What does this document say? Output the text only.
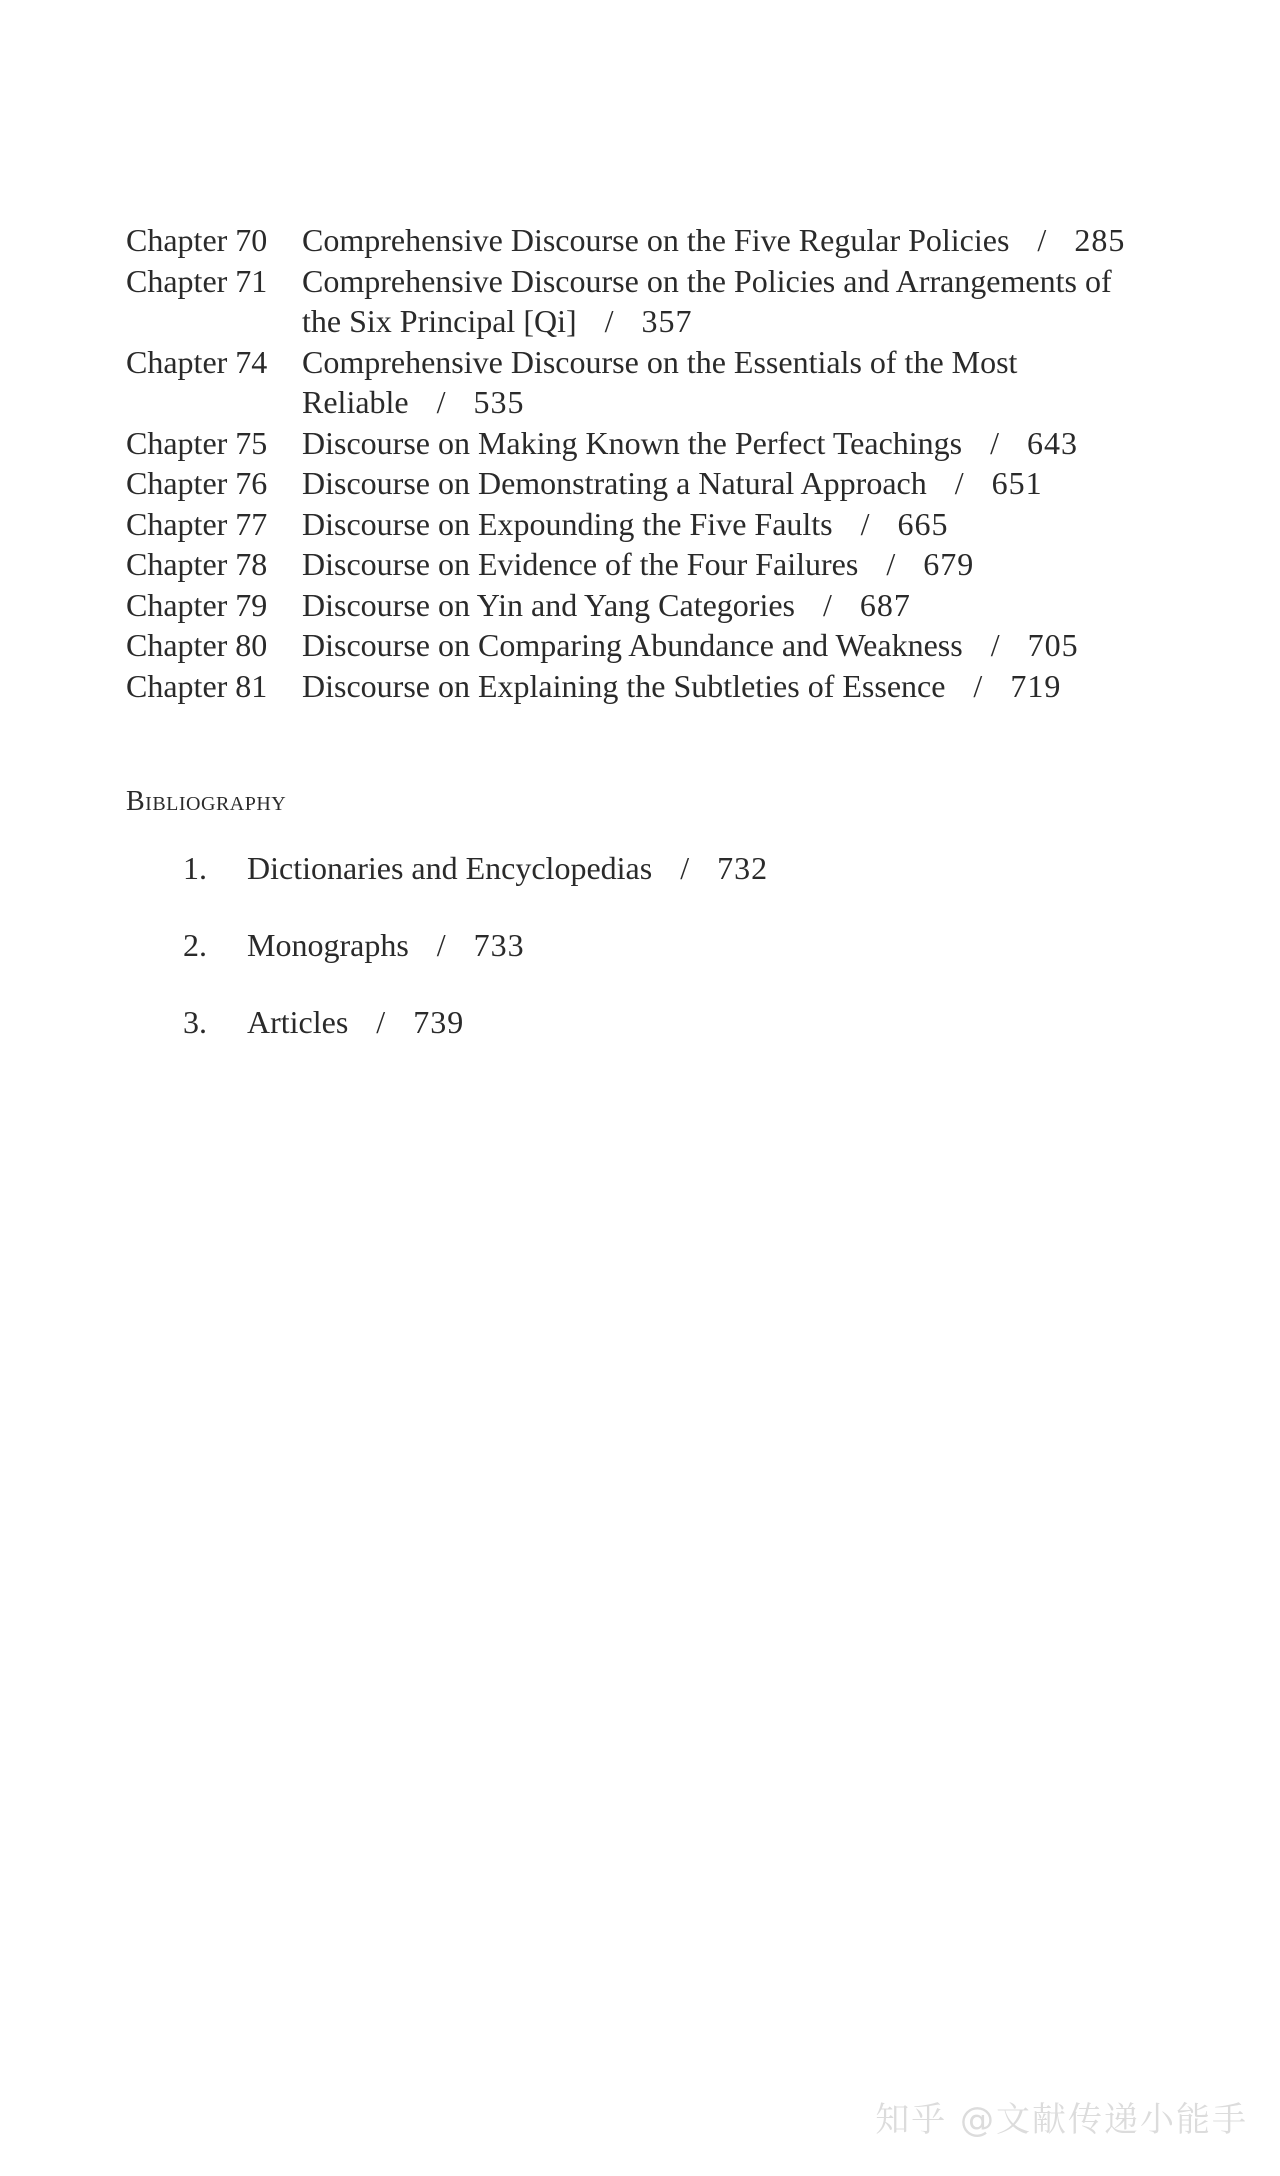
Chapter 70	Comprehensive Discourse on the Five Regular Policies / 285
Chapter 71	Comprehensive Discourse on the Policies and Arrangements of the Six Principal [Qi] / 357
Chapter 74	Comprehensive Discourse on the Essentials of the Most Reliable / 535
Chapter 75	Discourse on Making Known the Perfect Teachings / 643
Chapter 76	Discourse on Demonstrating a Natural Approach / 651
Chapter 77	Discourse on Expounding the Five Faults / 665
Chapter 78	Discourse on Evidence of the Four Failures / 679
Chapter 79	Discourse on Yin and Yang Categories / 687
Chapter 80	Discourse on Comparing Abundance and Weakness / 705
Chapter 81	Discourse on Explaining the Subtleties of Essence / 719
Bibliography
1. Dictionaries and Encyclopedias / 732
2. Monographs / 733
3. Articles / 739
知乎 @文献传递小能手
